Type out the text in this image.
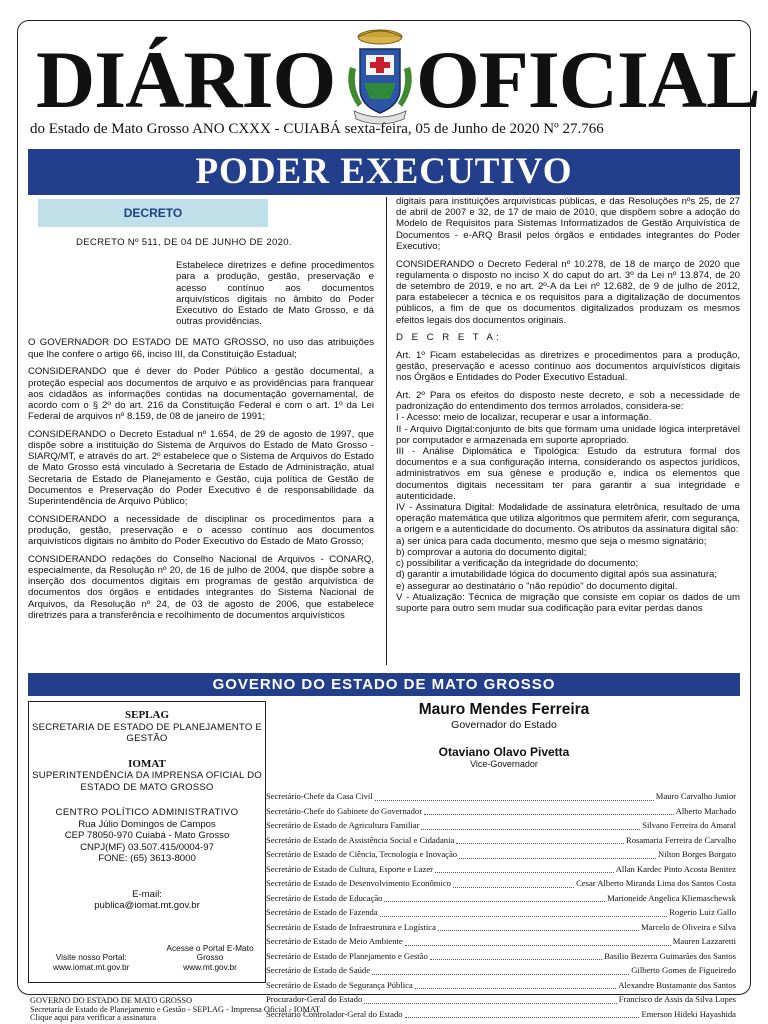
DIÁRIO OFICIAL
do Estado de Mato Grosso ANO CXXX - CUIABÁ sexta-feira, 05 de Junho de 2020 Nº 27.766
PODER EXECUTIVO
DECRETO
DECRETO Nº 511, DE 04 DE JUNHO DE 2020.

Estabelece diretrizes e define procedimentos para a produção, gestão, preservação e acesso contínuo aos documentos arquivísticos digitais no âmbito do Poder Executivo do Estado de Mato Grosso, e dá outras providências.

O GOVERNADOR DO ESTADO DE MATO GROSSO, no uso das atribuições que lhe confere o artigo 66, inciso III, da Constituição Estadual;

CONSIDERANDO que é dever do Poder Público a gestão documental, a proteção especial aos documentos de arquivo e as providências para franquear aos cidadãos as informações contidas na documentação governamental, de acordo com o § 2º do art. 216 da Constituição Federal e com o art. 1º da Lei Federal de arquivos nº 8.159, de 08 de janeiro de 1991;

CONSIDERANDO o Decreto Estadual nº 1.654, de 29 de agosto de 1997, que dispõe sobre a instituição do Sistema de Arquivos do Estado de Mato Grosso - SIARQ/MT, e através do art. 2º estabelece que o Sistema de Arquivos do Estado de Mato Grosso está vinculado à Secretaria de Estado de Administração, atual Secretaria de Estado de Planejamento e Gestão, cuja política de Gestão de Documentos e Preservação do Poder Executivo é de responsabilidade da Superintendência de Arquivo Público;

CONSIDERANDO a necessidade de disciplinar os procedimentos para a produção, gestão, preservação e o acesso contínuo aos documentos arquivísticos digitais no âmbito do Poder Executivo do Estado de Mato Grosso;

CONSIDERANDO redações do Conselho Nacional de Arquivos - CONARQ, especialmente, da Resolução nº 20, de 16 de julho de 2004, que dispõe sobre a inserção dos documentos digitais em programas de gestão arquivística de documentos dos órgãos e entidades integrantes do Sistema Nacional de Arquivos, da Resolução nº 24, de 03 de agosto de 2006, que estabelece diretrizes para a transferência e recolhimento de documentos arquivísticos

digitais para instituições arquivísticas públicas, e das Resoluções nºs 25, de 27 de abril de 2007 e 32, de 17 de maio de 2010, que dispõem sobre a adoção do Modelo de Requisitos para Sistemas Informatizados de Gestão Arquivística de Documentos - e-ARQ Brasil pelos órgãos e entidades integrantes do Poder Executivo;

CONSIDERANDO o Decreto Federal nº 10.278, de 18 de março de 2020 que regulamenta o disposto no inciso X do caput do art. 3º da Lei nº 13.874, de 20 de setembro de 2019, e no art. 2º-A da Lei nº 12.682, de 9 de julho de 2012, para estabelecer a técnica e os requisitos para a digitalização de documentos públicos, a fim de que os documentos digitalizados produzam os mesmos efeitos legais dos documentos originais.

D E C R E T A:

Art. 1º Ficam estabelecidas as diretrizes e procedimentos para a produção, gestão, preservação e acesso contínuo aos documentos arquivísticos digitais nos Órgãos e Entidades do Poder Executivo Estadual.

Art. 2º Para os efeitos do disposto neste decreto, e sob a necessidade de padronização do entendimento dos termos arrolados, considera-se:

I - Acesso: meio de localizar, recuperar e usar a informação.

II - Arquivo Digital:conjunto de bits que formam uma unidade lógica interpretável por computador e armazenada em suporte apropriado.

III - Análise Diplomática e Tipológica: Estudo da estrutura formal dos documentos e a sua configuração interna, considerando os aspectos jurídicos, administrativos em sua gênese e produção e, indica os elementos que documentos digitais necessitam ter para garantir a sua integridade e autenticidade.

IV - Assinatura Digital: Modalidade de assinatura eletrônica, resultado de uma operação matemática que utiliza algoritmos que permitem aferir, com segurança, a origem e a autenticidade do documento. Os atributos da assinatura digital são:

a) ser única para cada documento, mesmo que seja o mesmo signatário;

b) comprovar a autoria do documento digital;

c) possibilitar a verificação da integridade do documento;

d) garantir a imutabilidade lógica do documento digital após sua assinatura;

e) assegurar ao destinatário o "não repúdio" do documento digital.

V - Atualização: Técnica de migração que consiste em copiar os dados de um suporte para outro sem mudar sua codificação para evitar perdas danos

GOVERNO DO ESTADO DE MATO GROSSO
SEPLAG
SECRETARIA DE ESTADO DE PLANEJAMENTO E GESTÃO
IOMAT
SUPERINTENDÊNCIA DA IMPRENSA OFICIAL DO ESTADO DE MATO GROSSO
CENTRO POLÍTICO ADMINISTRATIVO
Rua Júlio Domingos de Campos
CEP 78050-970 Cuiabá - Mato Grosso
CNPJ(MF) 03.507.415/0004-97
FONE: (65) 3613-8000
E-mail:
publica@iomat.mt.gov.br
Visite nosso Portal:
www.iomat.mt.gov.br
Acesse o Portal E-Mato Grosso
www.mt.gov.br
Mauro Mendes Ferreira
Governador do Estado
Otaviano Olavo Pivetta
Vice-Governador
Secretário-Chefe da Casa Civil	Mauro Carvalho Junior
Secretário-Chefe do Gabinete do Governador	Alberto Machado
Secretário de Estado de Agricultura Familiar	Silvano Ferreira do Amaral
Secretário de Estado de Assistência Social e Cidadania	Rosamaria Ferreira de Carvalho
Secretário de Estado de Ciência, Tecnologia e Inovação	Nilton Borges Borgato
Secretário de Estado de Cultura, Esporte e Lazer	Allan Kardec Pinto Acosta Benitez
Secretário de Estado de Desenvolvimento Econômico	Cesar Alberto Miranda Lima dos Santos Costa
Secretário de Estado de Educação	Marioneide Angelica Kliemaschewsk
Secretário de Estado de Fazenda	Rogerio Luiz Gallo
Secretário de Estado de Infraestrutura e Logística	Marcelo de Oliveira e Silva
Secretário de Estado de Meio Ambiente	Mauren Lazzaretti
Secretário de Estado de Planejamento e Gestão	Basilio Bezerra Guimarães dos Santos
Secretário de Estado de Saúde	Gilberto Gomes de Figueiredo
Secretário de Estado de Segurança Pública	Alexandre Bustamante dos Santos
Procurador-Geral do Estado	Francisco de Assis da Silva Lopes
Secretário Controlador-Geral do Estado	Emerson Hideki Hayashida
GOVERNO DO ESTADO DE MATO GROSSO
Secretaria de Estado de Planejamento e Gestão - SEPLAG - Imprensa Oficial - IOMAT
Clique aqui para verificar a assinatura
